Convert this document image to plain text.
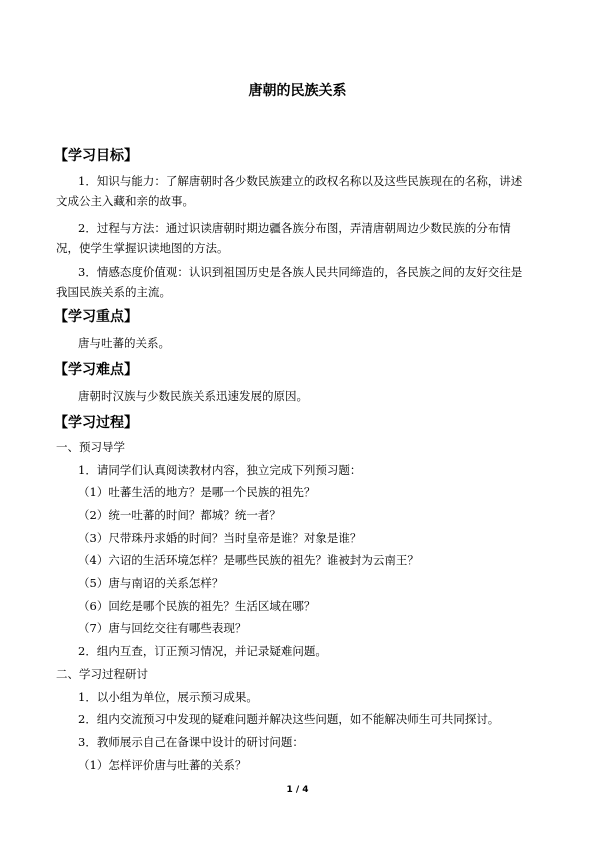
唐朝的民族关系
【学习目标】
1．知识与能力：了解唐朝时各少数民族建立的政权名称以及这些民族现在的名称，讲述
文成公主入藏和亲的故事。
2．过程与方法：通过识读唐朝时期边疆各族分布图，弄清唐朝周边少数民族的分布情
况，使学生掌握识读地图的方法。
3．情感态度价值观：认识到祖国历史是各族人民共同缔造的，各民族之间的友好交往是
我国民族关系的主流。
【学习重点】
唐与吐蕃的关系。
【学习难点】
唐朝时汉族与少数民族关系迅速发展的原因。
【学习过程】
一、预习导学
1．请同学们认真阅读教材内容，独立完成下列预习题：
（1）吐蕃生活的地方？是哪一个民族的祖先？
（2）统一吐蕃的时间？都城？统一者？
（3）尺带珠丹求婚的时间？当时皇帝是谁？对象是谁？
（4）六诏的生活环境怎样？是哪些民族的祖先？谁被封为云南王？
（5）唐与南诏的关系怎样？
（6）回纥是哪个民族的祖先？生活区域在哪？
（7）唐与回纥交往有哪些表现？
2．组内互查，订正预习情况，并记录疑难问题。
二、学习过程研讨
1．以小组为单位，展示预习成果。
2．组内交流预习中发现的疑难问题并解决这些问题，如不能解决师生可共同探讨。
3．教师展示自己在备课中设计的研讨问题：
（1）怎样评价唐与吐蕃的关系？
1 / 4
